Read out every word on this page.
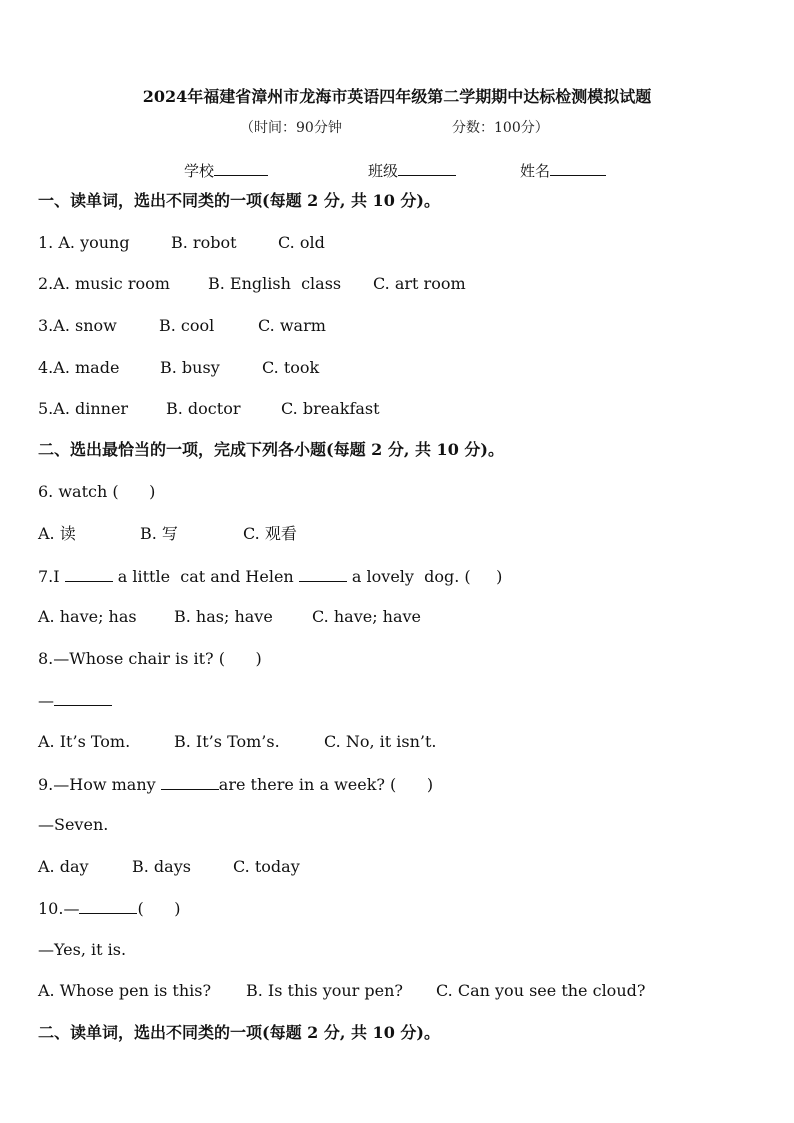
2024年福建省漳州市龙海市英语四年级第二学期期中达标检测模拟试题
（时间：90分钟	分数：100分）
学校	班级	姓名
一、读单词，选出不同类的一项(每题 2 分, 共 10 分)。
1. A. young	B. robot	C. old
2.A. music room B. English  class C. art room
3.A. snow	B. cool	C. warm
4.A. made	B. busy	C. took
5.A. dinner B. doctor	C. breakfast
二、选出最恰当的一项，完成下列各小题(每题 2 分, 共 10 分)。
6. watch (      )
A. 读	B. 写	C. 观看
7.I	a little  cat and Helen	a lovely  dog. (     )
A. have; has B. has; have C. have; have
8.—Whose chair is it? (      )
—
A. It’s Tom.	B. It’s Tom’s.	C. No, it isn’t.
9.—How many	are there in a week? (      )
—Seven.
A. day	B. days	C. today
10.—	(      )
—Yes, it is.
A. Whose pen is this? B. Is this your pen? C. Can you see the cloud?
二、读单词，选出不同类的一项(每题 2 分, 共 10 分)。
